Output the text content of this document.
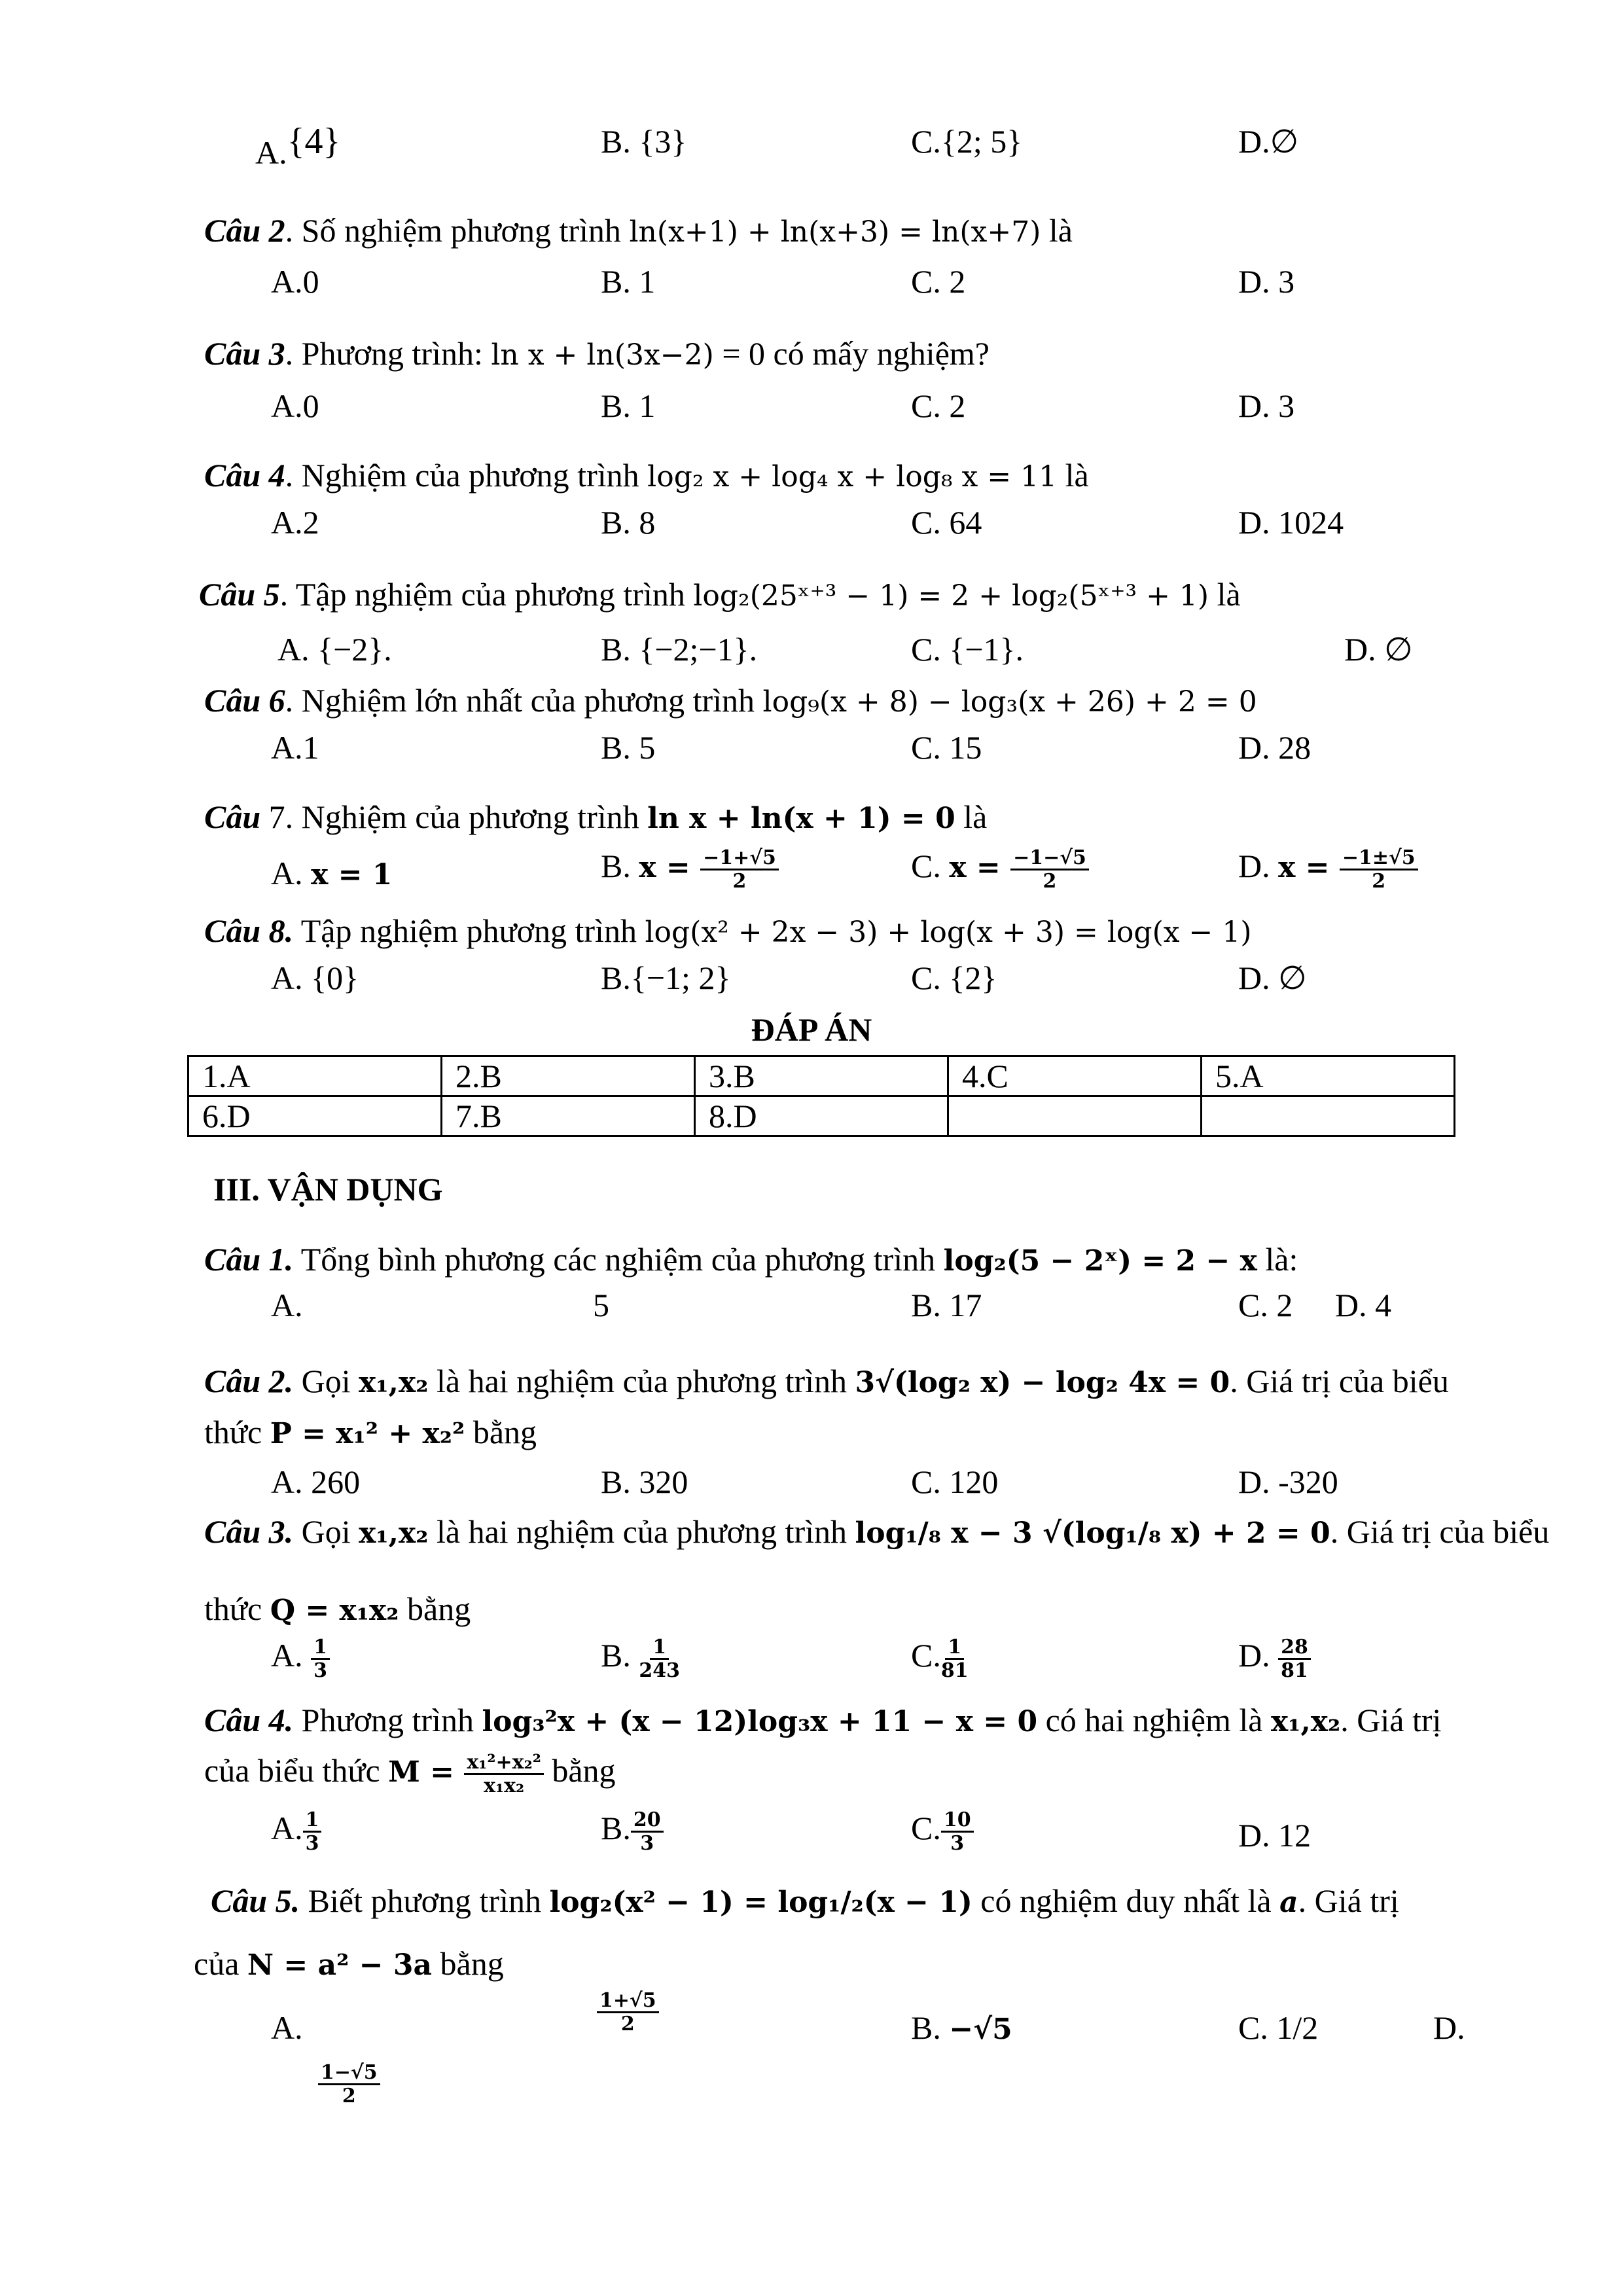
A.{4}	B. {3}	C.{2; 5}	D.∅
Câu 2. Số nghiệm phương trình ln(x+1) + ln(x+3) = ln(x+7) là
A.0	B. 1	C. 2	D. 3
Câu 3. Phương trình: ln x + ln(3x−2) = 0 có mấy nghiệm?
A.0	B. 1	C. 2	D. 3
Câu 4. Nghiệm của phương trình log₂ x + log₄ x + log₈ x = 11 là
A.2	B. 8	C. 64	D. 1024
Câu 5. Tập nghiệm của phương trình log₂(25ˣ⁺³ − 1) = 2 + log₂(5ˣ⁺³ + 1) là
A. {−2}.	B. {−2;−1}.	C. {−1}.	D. ∅
Câu 6. Nghiệm lớn nhất của phương trình log₉(x + 8) − log₃(x + 26) + 2 = 0
A.1	B. 5	C. 15	D. 28
Câu 7. Nghiệm của phương trình ln x + ln(x + 1) = 0 là
A. x = 1	B. $x = \frac{-1+√5}{2}$	C. $x = \frac{-1-√5}{2}$	D. $x = \frac{-1\pm√5}{2}$
Câu 8. Tập nghiệm phương trình log(x² + 2x − 3) + log(x + 3) = log(x − 1)
A. {0}	B.{−1; 2}	C. {2}	D. ∅
ĐÁP ÁN
1.A	2.B	3.B	4.C	5.A
6.D	7.B	8.D		
III. VẬN DỤNG
Câu 1. Tổng bình phương các nghiệm của phương trình log₂(5 − 2ˣ) = 2 − x là:
A.	5	B. 17	C. 2 D. 4
Câu 2. Gọi x₁,x₂ là hai nghiệm của phương trình 3√(log₂ x) − log₂ 4x = 0. Giá trị của biểu
thức P = x₁² + x₂² bằng
A. 260	B. 320	C. 120	D. -320
Câu 3. Gọi x₁,x₂ là hai nghiệm của phương trình log₁/₈ x − 3 √(log₁/₈ x) + 2 = 0. Giá trị của biểu
thức Q = x₁x₂ bằng
A. $\frac{1}{3}$	B. $\frac{1}{243}$	C. $\frac{1}{81}$	D. $\frac{28}{81}$
Câu 4. Phương trình log₃²x + (x − 12)log₃x + 11 − x = 0 có hai nghiệm là x₁,x₂. Giá trị
của biểu thức $M = \frac{\text{x₁²+x₂²}}{\text{x₁x₂}}$ bằng
A. $\frac{1}{3}$	B. $\frac{20}{3}$	C. $\frac{10}{3}$	D. 12
Câu 5. Biết phương trình log₂(x² − 1) = log₁/₂(x − 1) có nghiệm duy nhất là a. Giá trị
của N = a² − 3a bằng
A.	$\frac{1+√5}{2}$	B. −√5	C. 1/2	D.
$\frac{1-√5}{2}$
